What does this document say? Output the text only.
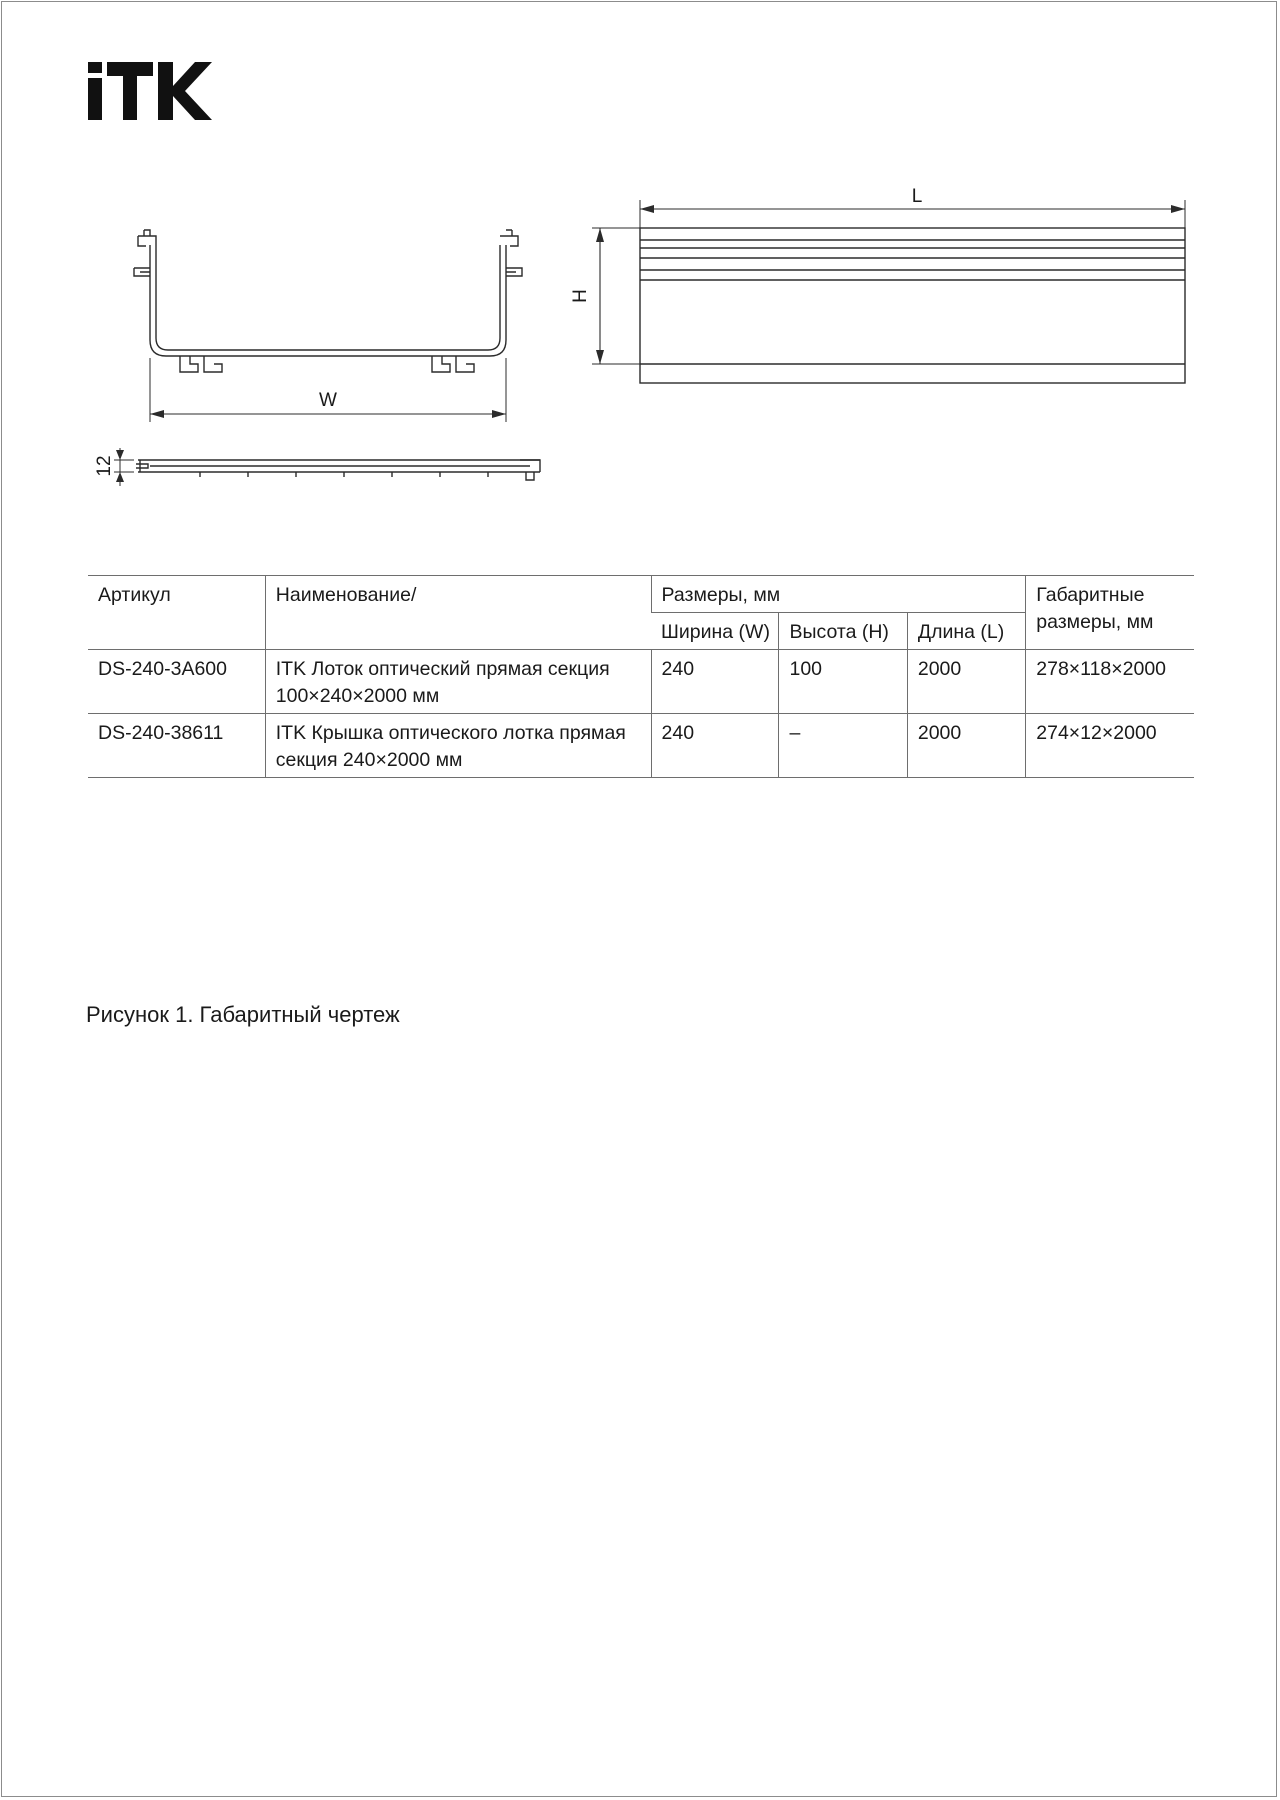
W
12
L
H
Артикул	Наименование/	Размеры, мм			Габаритные размеры, мм
		Ширина (W)	Высота (H)	Длина (L)	
DS-240-3A600	ITK Лоток оптический прямая секция 100×240×2000 мм	240	100	2000	278×118×2000
DS-240-38611	ITK Крышка оптического лотка прямая секция 240×2000 мм	240	–	2000	274×12×2000
Рисунок 1. Габаритный чертеж
